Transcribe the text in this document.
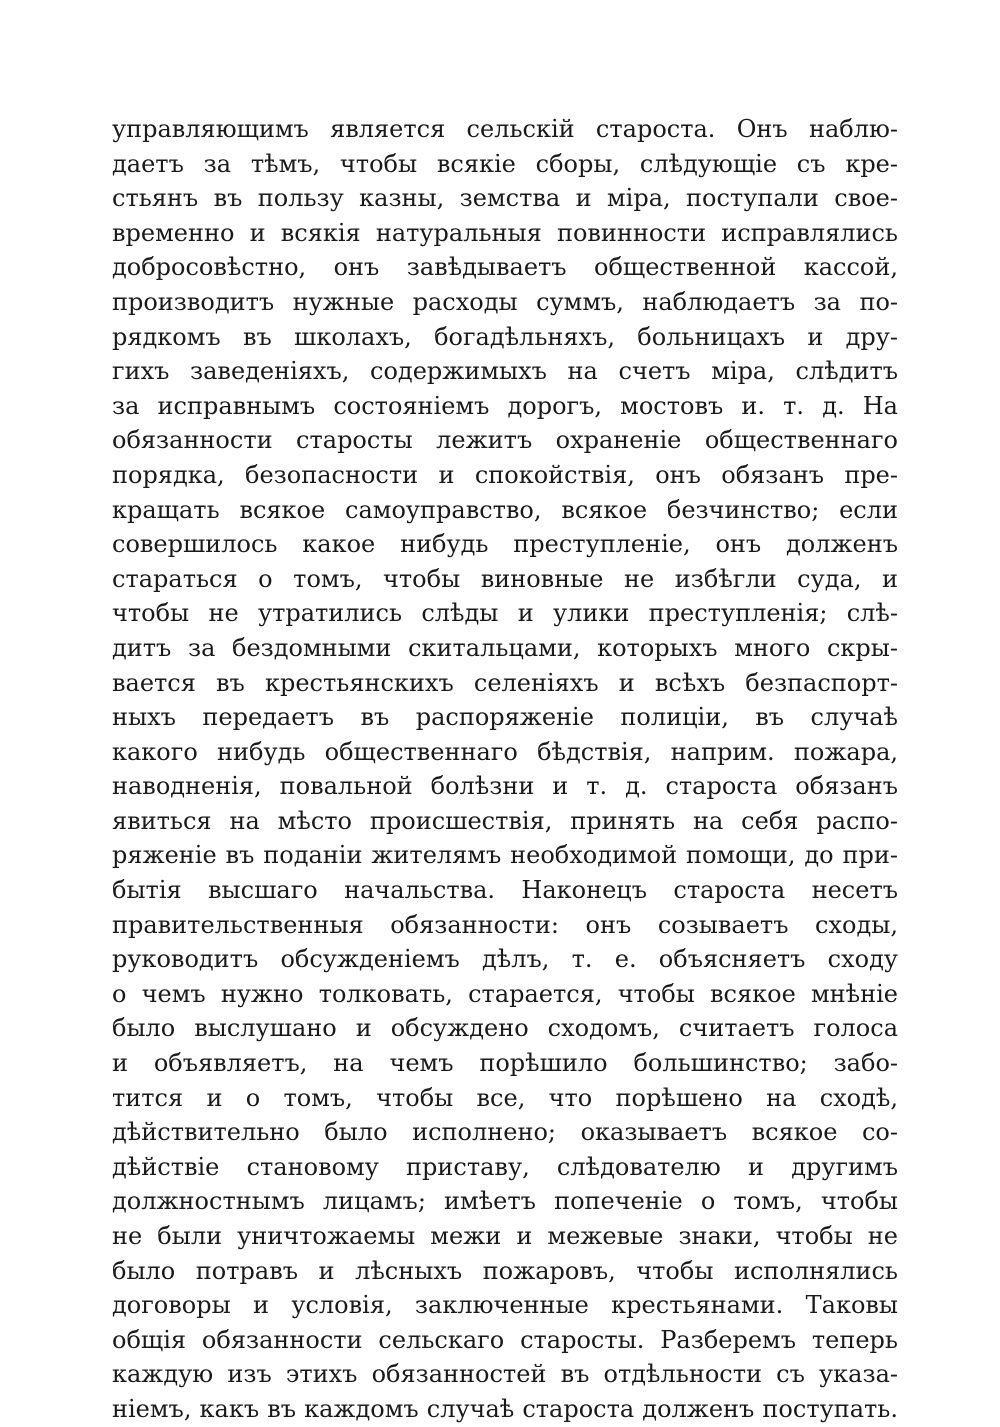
управляющимъ является сельскій староста. Онъ наблю-
даетъ за тѣмъ, чтобы всякіе сборы, слѣдующіе съ кре-
стьянъ въ пользу казны, земства и міра, поступали свое-
временно и всякія натуральныя повинности исправлялись
добросовѣстно, онъ завѣдываетъ общественной кассой,
производитъ нужные расходы суммъ, наблюдаетъ за по-
рядкомъ въ школахъ, богадѣльняхъ, больницахъ и дру-
гихъ заведеніяхъ, содержимыхъ на счетъ міра, слѣдитъ
за исправнымъ состояніемъ дорогъ, мостовъ и. т. д. На
обязанности старосты лежитъ охраненіе общественнаго
порядка, безопасности и спокойствія, онъ обязанъ пре-
кращать всякое самоуправство, всякое безчинство; если
совершилось какое нибудь преступленіе, онъ долженъ
стараться о томъ, чтобы виновные не избѣгли суда, и
чтобы не утратились слѣды и улики преступленія; слѣ-
дитъ за бездомными скитальцами, которыхъ много скры-
вается въ крестьянскихъ селеніяхъ и всѣхъ безпаспорт-
ныхъ передаетъ въ распоряженіе полиціи, въ случаѣ
какого нибудь общественнаго бѣдствія, наприм. пожара,
наводненія, повальной болѣзни и т. д. староста обязанъ
явиться на мѣсто происшествія, принять на себя распо-
ряженіе въ поданіи жителямъ необходимой помощи, до при-
бытія высшаго начальства. Наконецъ староста несетъ
правительственныя обязанности: онъ созываетъ сходы,
руководитъ обсужденіемъ дѣлъ, т. е. объясняетъ сходу
о чемъ нужно толковать, старается, чтобы всякое мнѣніе
было выслушано и обсуждено сходомъ, считаетъ голоса
и объявляетъ, на чемъ порѣшило большинство; забо-
тится и о томъ, чтобы все, что порѣшено на сходѣ,
дѣйствительно было исполнено; оказываетъ всякое со-
дѣйствіе становому приставу, слѣдователю и другимъ
должностнымъ лицамъ; имѣетъ попеченіе о томъ, чтобы
не были уничтожаемы межи и межевые знаки, чтобы не
было потравъ и лѣсныхъ пожаровъ, чтобы исполнялись
договоры и условія, заключенные крестьянами. Таковы
общія обязанности сельскаго старосты. Разберемъ теперь
каждую изъ этихъ обязанностей въ отдѣльности съ указа-
ніемъ, какъ въ каждомъ случаѣ староста долженъ поступать.
